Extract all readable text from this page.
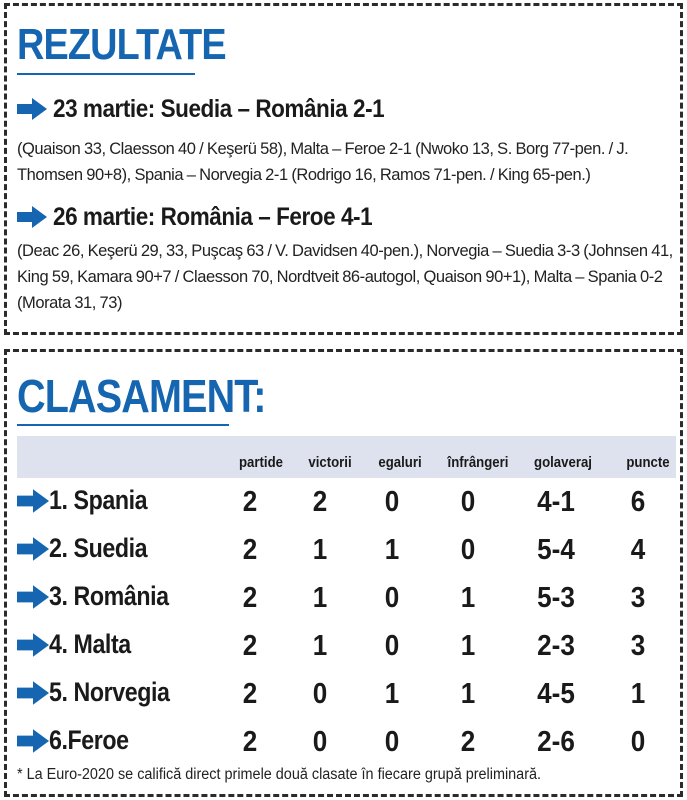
REZULTATE
23 martie: Suedia – România 2-1
(Quaison 33, Claesson 40 / Keşerü 58), Malta – Feroe 2-1 (Nwoko 13, S. Borg 77-pen. / J. Thomsen 90+8), Spania – Norvegia 2-1 (Rodrigo 16, Ramos 71-pen. / King 65-pen.)
26 martie: România – Feroe 4-1
(Deac 26, Keşerü 29, 33, Puşcaş 63 / V. Davidsen 40-pen.), Norvegia – Suedia 3-3 (Johnsen 41, King 59, Kamara 90+7 / Claesson 70, Nordtveit 86-autogol, Quaison 90+1), Malta – Spania 0-2 (Morata 31, 73)
CLASAMENT:
partide victorii egaluri înfrângeri golaveraj puncte
1. Spania	2 2 0 0 4-1 6
2. Suedia	2 1 1 0 5-4 4
3. România	2 1 0 1 5-3 3
4. Malta	2 1 0 1 2-3 3
5. Norvegia	2 0 1 1 4-5 1
6.Feroe	2 0 0 2 2-6 0
* La Euro-2020 se califică direct primele două clasate în fiecare grupă preliminară.
